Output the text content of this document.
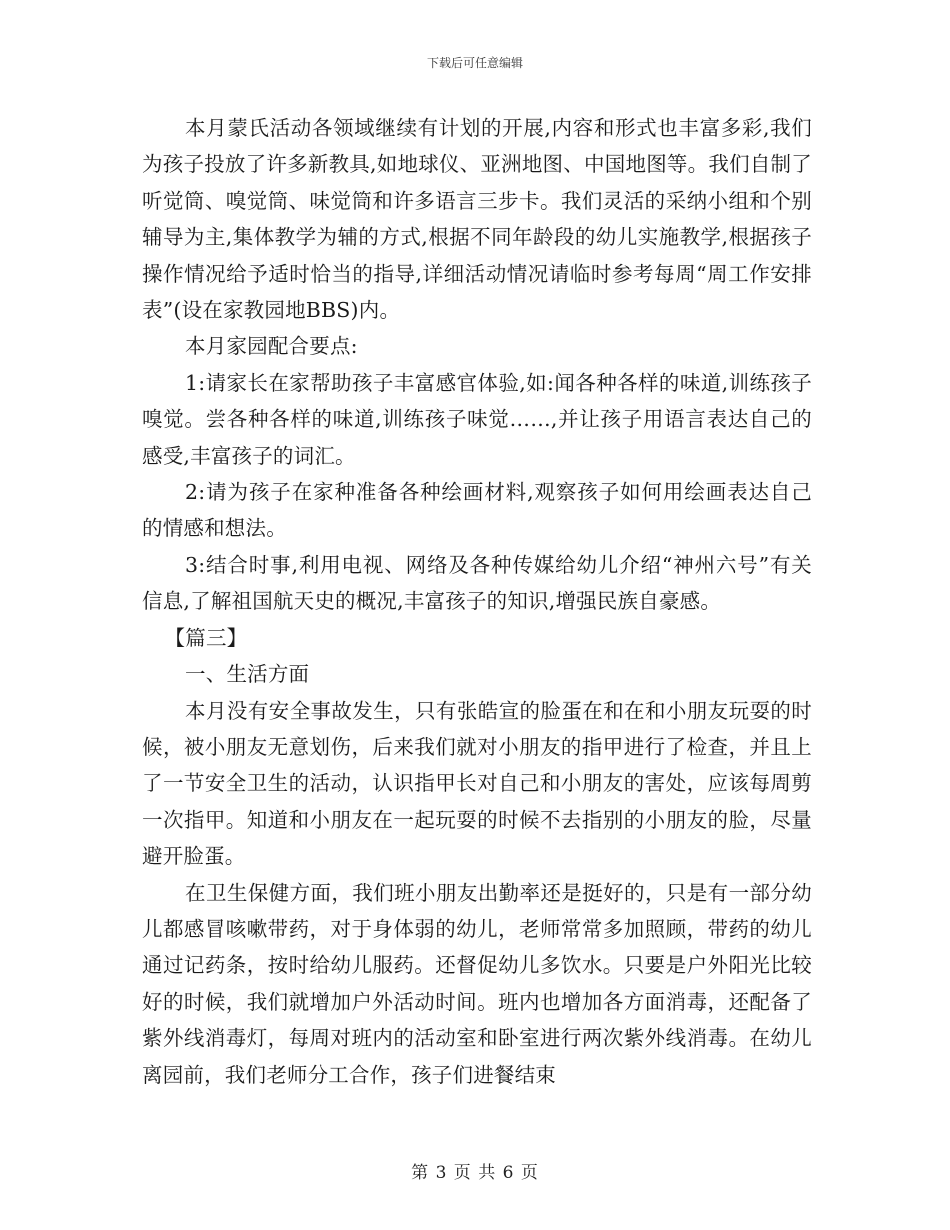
下载后可任意编辑

本月蒙氏活动各领域继续有计划的开展,内容和形式也丰富多彩,我们为孩子投放了许多新教具,如地球仪、亚洲地图、中国地图等。我们自制了听觉筒、嗅觉筒、味觉筒和许多语言三步卡。我们灵活的采纳小组和个别辅导为主,集体教学为辅的方式,根据不同年龄段的幼儿实施教学,根据孩子操作情况给予适时恰当的指导,详细活动情况请临时参考每周“周工作安排表”(设在家教园地BBS)内。

本月家园配合要点:

1:请家长在家帮助孩子丰富感官体验,如:闻各种各样的味道,训练孩子嗅觉。尝各种各样的味道,训练孩子味觉……,并让孩子用语言表达自己的感受,丰富孩子的词汇。

2:请为孩子在家种准备各种绘画材料,观察孩子如何用绘画表达自己的情感和想法。

3:结合时事,利用电视、网络及各种传媒给幼儿介绍“神州六号”有关信息,了解祖国航天史的概况,丰富孩子的知识,增强民族自豪感。

【篇三】

一、生活方面

本月没有安全事故发生，只有张皓宣的脸蛋在和在和小朋友玩耍的时候，被小朋友无意划伤，后来我们就对小朋友的指甲进行了检查，并且上了一节安全卫生的活动，认识指甲长对自己和小朋友的害处，应该每周剪一次指甲。知道和小朋友在一起玩耍的时候不去指别的小朋友的脸，尽量避开脸蛋。

在卫生保健方面，我们班小朋友出勤率还是挺好的，只是有一部分幼儿都感冒咳嗽带药，对于身体弱的幼儿，老师常常多加照顾，带药的幼儿通过记药条，按时给幼儿服药。还督促幼儿多饮水。只要是户外阳光比较好的时候，我们就增加户外活动时间。班内也增加各方面消毒，还配备了紫外线消毒灯，每周对班内的活动室和卧室进行两次紫外线消毒。在幼儿离园前，我们老师分工合作，孩子们进餐结束

第 3 页 共 6 页
